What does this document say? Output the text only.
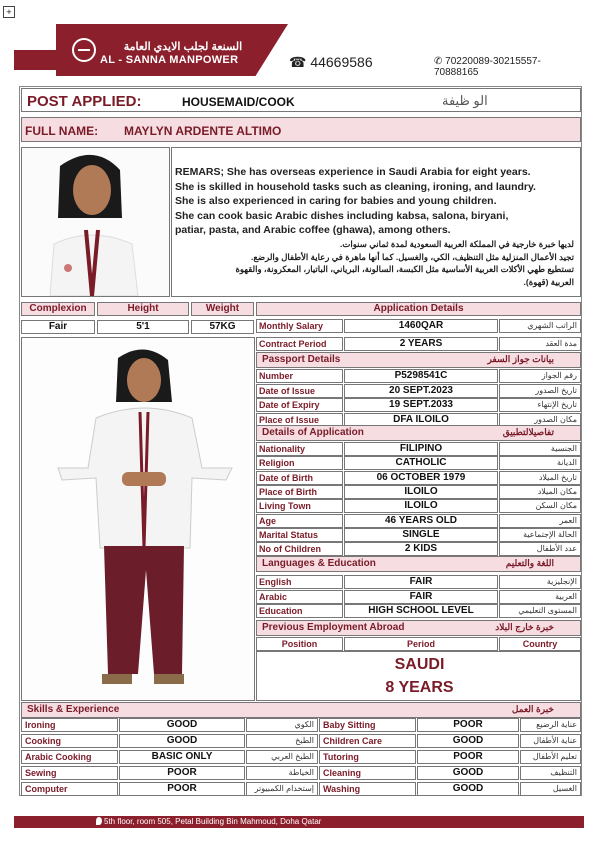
+
السنعة لجلب الايدي العامة
AL - SANNA MANPOWER	☎ 44669586	✆ 70220089-30215557-70888165
POST APPLIED:	HOUSEMAID/COOK	الو ظيفة
FULL NAME: MAYLYN ARDENTE ALTIMO
REMARS; She has overseas experience in Saudi Arabia for eight years.
She is skilled in household tasks such as cleaning, ironing, and laundry.
She is also experienced in caring for babies and young children.
She can cook basic Arabic dishes including kabsa, salona, biryani,
patiar, pasta, and Arabic coffee (ghawa), among others.
لديها خبرة خارجية في المملكة العربية السعودية لمدة ثماني سنوات.
تجيد الأعمال المنزلية مثل التنظيف، الكي، والغسيل. كما أنها ماهرة في رعاية الأطفال والرضع.
تستطيع طهي الأكلات العربية الأساسية مثل الكبسة، السالونة، البرياني، الباتيار، المعكرونة، والقهوة
العربية (قهوة).
Complexion	Height	Weight
Fair	5'1	57KG
Application Details
Monthly Salary	1460QAR	الراتب الشهري
Contract Period	2 YEARS	مدة العقد
Passport Details	بيانات جواز السفر
Number	P5298541C	رقم الجواز
Date of Issue	20 SEPT.2023	تاريخ الصدور
Date of Expiry	19 SEPT.2033	تاريخ الإنتهاء
Place of Issue	DFA ILOILO	مكان الصدور
Details of Application	تفاصيلالتطبيق
Nationality	FILIPINO	الجنسية
Religion	CATHOLIC	الديانة
Date of Birth	06 OCTOBER 1979	تاريخ الميلاد
Place of Birth	ILOILO	مكان الميلاد
Living Town	ILOILO	مكان السكن
Age	46 YEARS OLD	العمر
Marital Status	SINGLE	الحالة الإجتماعية
No of Children	2 KIDS	عدد الأطفال
Languages & Education	اللغة والتعليم
English	FAIR	الإنجليزية
Arabic	FAIR	العربية
Education	HIGH SCHOOL LEVEL	المستوى التعليمي
Previous Employment Abroad	خبرة خارج البلاد
Position	Period	Country
SAUDI
8 YEARS
Skills & Experience	خبرة العمل
Ironing	GOOD	الكوي	Baby Sitting	POOR	عناية الرضيع
Cooking	GOOD	الطبخ	Children Care	GOOD	عناية الأطفال
Arabic Cooking	BASIC ONLY	الطبخ العربي	Tutoring	POOR	تعليم الأطفال
Sewing	POOR	الخياطة	Cleaning	GOOD	التنظيف
Computer	POOR	إستخدام الكمبيوتر	Washing	GOOD	الغسيل
5th floor, room 505, Petal Building Bin Mahmoud, Doha Qatar
